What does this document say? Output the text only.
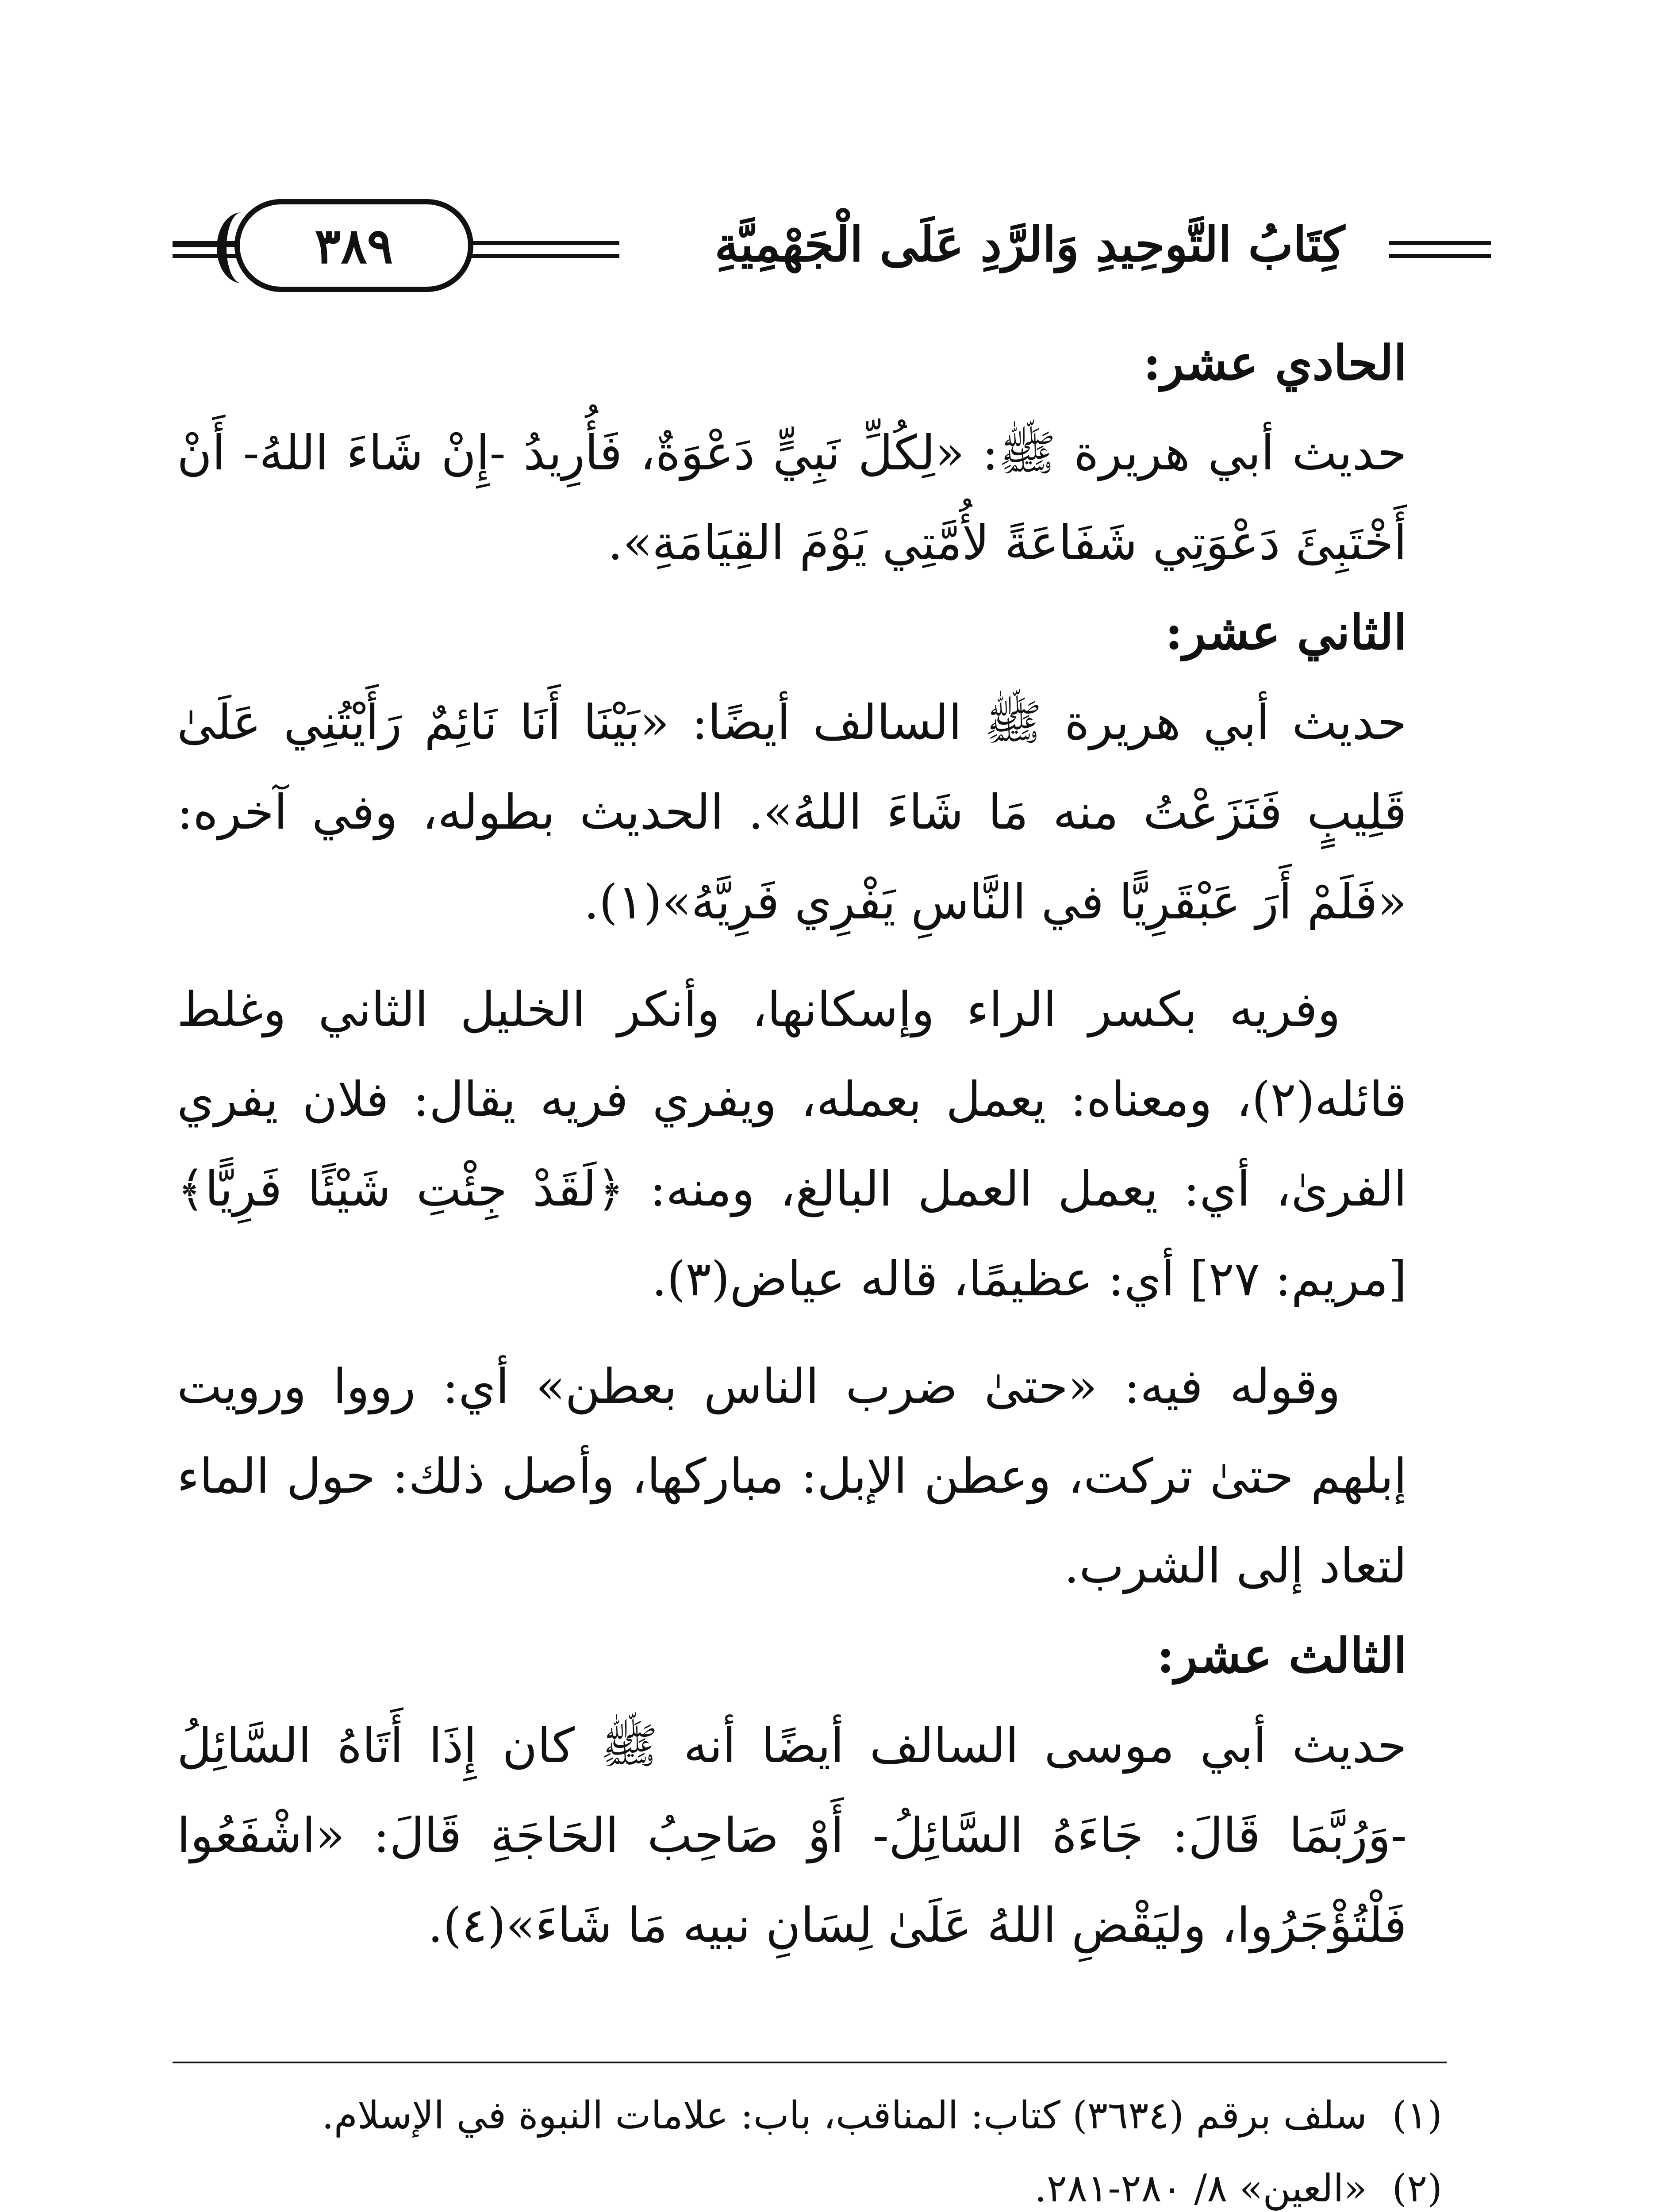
كِتَابُ التَّوحِيدِ وَالرَّدِ عَلَى الْجَهْمِيَّةِ
٣٨٩

الحادي عشر:

حديث أبي هريرة ﷺ: «لِكُلِّ نَبِيٍّ دَعْوَةٌ، فَأُرِيدُ -إِنْ شَاءَ اللهُ- أَنْ أَخْتَبِئَ دَعْوَتِي شَفَاعَةً لأُمَّتِي يَوْمَ القِيَامَةِ».

الثاني عشر:

حديث أبي هريرة ﷺ السالف أيضًا: «بَيْنَا أَنَا نَائِمٌ رَأَيْتُنِي عَلَىٰ قَلِيبٍ فَنَزَعْتُ منه مَا شَاءَ اللهُ». الحديث بطوله، وفي آخره: «فَلَمْ أَرَ عَبْقَرِيًّا في النَّاسِ يَفْرِي فَرِيَّهُ»(١).

وفريه بكسر الراء وإسكانها، وأنكر الخليل الثاني وغلط قائله(٢)، ومعناه: يعمل بعمله، ويفري فريه يقال: فلان يفري الفرىٰ، أي: يعمل العمل البالغ، ومنه: ﴿لَقَدْ جِئْتِ شَيْئًا فَرِيًّا﴾ [مريم: ٢٧] أي: عظيمًا، قاله عياض(٣).

وقوله فيه: «حتىٰ ضرب الناس بعطن» أي: رووا ورويت إبلهم حتىٰ تركت، وعطن الإبل: مباركها، وأصل ذلك: حول الماء لتعاد إلى الشرب.

الثالث عشر:

حديث أبي موسى السالف أيضًا أنه ﷺ كان إِذَا أَتَاهُ السَّائِلُ -وَرُبَّمَا قَالَ: جَاءَهُ السَّائِلُ- أَوْ صَاحِبُ الحَاجَةِ قَالَ: «اشْفَعُوا فَلْتُؤْجَرُوا، وليَقْضِ اللهُ عَلَىٰ لِسَانِ نبيه مَا شَاءَ»(٤).

(١)سلف برقم (٣٦٣٤) كتاب: المناقب، باب: علامات النبوة في الإسلام.
(٢)«العين» ٨/ ٢٨٠-٢٨١.
